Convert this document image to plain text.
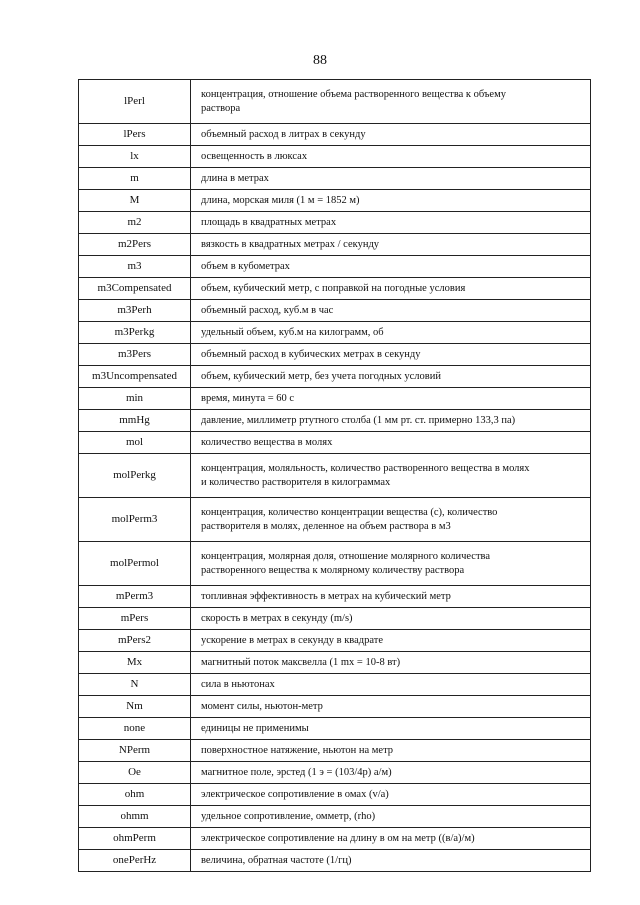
88
lPerl	концентрация, отношение объема растворенного вещества к объему
раствора

lPers	объемный расход в литрах в секунду

lx	освещенность в люксах

m	длина в метрах

M	длина, морская миля (1 м = 1852 м)

m2	площадь в квадратных метрах

m2Pers	вязкость в квадратных метрах / секунду

m3	объем в кубометрах

m3Compensated	объем, кубический метр, с поправкой на погодные условия

m3Perh	объемный расход, куб.м в час

m3Perkg	удельный объем, куб.м на килограмм, об

m3Pers	объемный расход в кубических метрах в секунду

m3Uncompensated	объем, кубический метр, без учета погодных условий

min	время, минута = 60 с

mmHg	давление, миллиметр ртутного столба (1 мм рт. ст. примерно 133,3 па)

mol	количество вещества в молях

molPerkg	концентрация, моляльность, количество растворенного вещества в молях
и количество растворителя в килограммах

molPerm3	концентрация, количество концентрации вещества (с), количество
растворителя в молях, деленное на объем раствора в м3

molPermol	концентрация, молярная доля, отношение молярного количества
растворенного вещества к молярному количеству раствора

mPerm3	топливная эффективность в метрах на кубический метр

mPers	скорость в метрах в секунду (m/s)

mPers2	ускорение в метрах в секунду в квадрате

Mx	магнитный поток максвелла (1 mx = 10-8 вт)

N	сила в ньютонах

Nm	момент силы, ньютон-метр

none	единицы не применимы

NPerm	поверхностное натяжение, ньютон на метр

Oe	магнитное поле, эрстед (1 э = (103/4р) а/м)

ohm	электрическое сопротивление в омах (v/a)

ohmm	удельное сопротивление, омметр, (rho)

ohmPerm	электрическое сопротивление на длину в ом на метр ((в/а)/м)

onePerHz	величина, обратная частоте (1/гц)
